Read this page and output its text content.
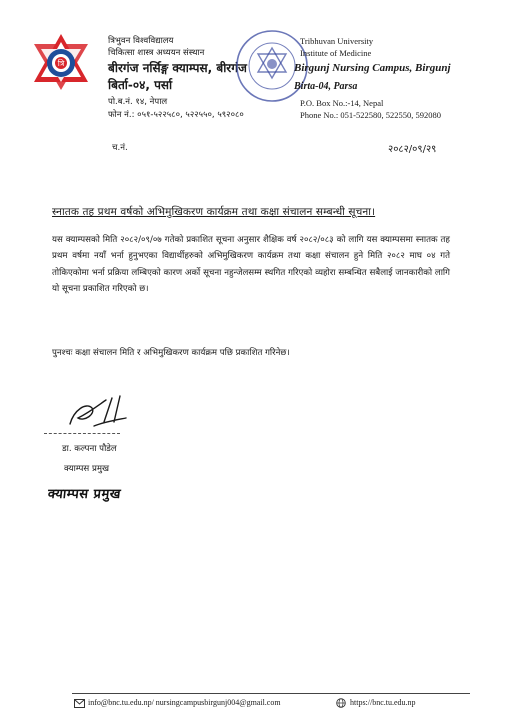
त्रि
त्रिभुवन विश्वविद्यालय
चिकित्सा शास्त्र अध्ययन संस्थान
बीरगंज नर्सिङ्ग क्याम्पस, बीरगंज
बिर्ता-०४, पर्सा
पो.ब.नं. १४, नेपाल
फोन नं.: ०५१-५२२५८०, ५२२५५०, ५९२०८०
Tribhuvan University
Institute of Medicine
Birgunj Nursing Campus, Birgunj
Birta-04, Parsa
P.O. Box No.:-14, Nepal
Phone No.: 051-522580, 522550, 592080
च.नं.	२०८२/०९/२९
स्नातक तह प्रथम वर्षको अभिमुखिकरण कार्यक्रम तथा कक्षा संचालन सम्बन्धी सूचना।
यस क्याम्पसको मिति २०८२/०९/०७ गतेको प्रकाशित सूचना अनुसार शैक्षिक वर्ष २०८२/०८३ को लागि यस क्याम्पसमा स्नातक तह प्रथम वर्षमा नयाँ भर्ना हुनुभएका विद्यार्थीहरुको अभिमुखिकरण कार्यक्रम तथा कक्षा संचालन हुने मिति २०८२ माघ ०४ गते तोकिएकोमा भर्ना प्रक्रिया लम्बिएको कारण अर्को सूचना नहुन्जेलसम्म स्थगित गरिएको व्यहोरा सम्बन्धित सबैलाई जानकारीको लागि यो सूचना प्रकाशित गरिएको छ।
पुनश्चः कक्षा संचालन मिति र अभिमुखिकरण कार्यक्रम पछि प्रकाशित गरिनेछ।
डा. कल्पना पौडेल
क्याम्पस प्रमुख
क्याम्पस प्रमुख
info@bnc.tu.edu.np/ nursingcampusbirgunj004@gmail.com	https://bnc.tu.edu.np
